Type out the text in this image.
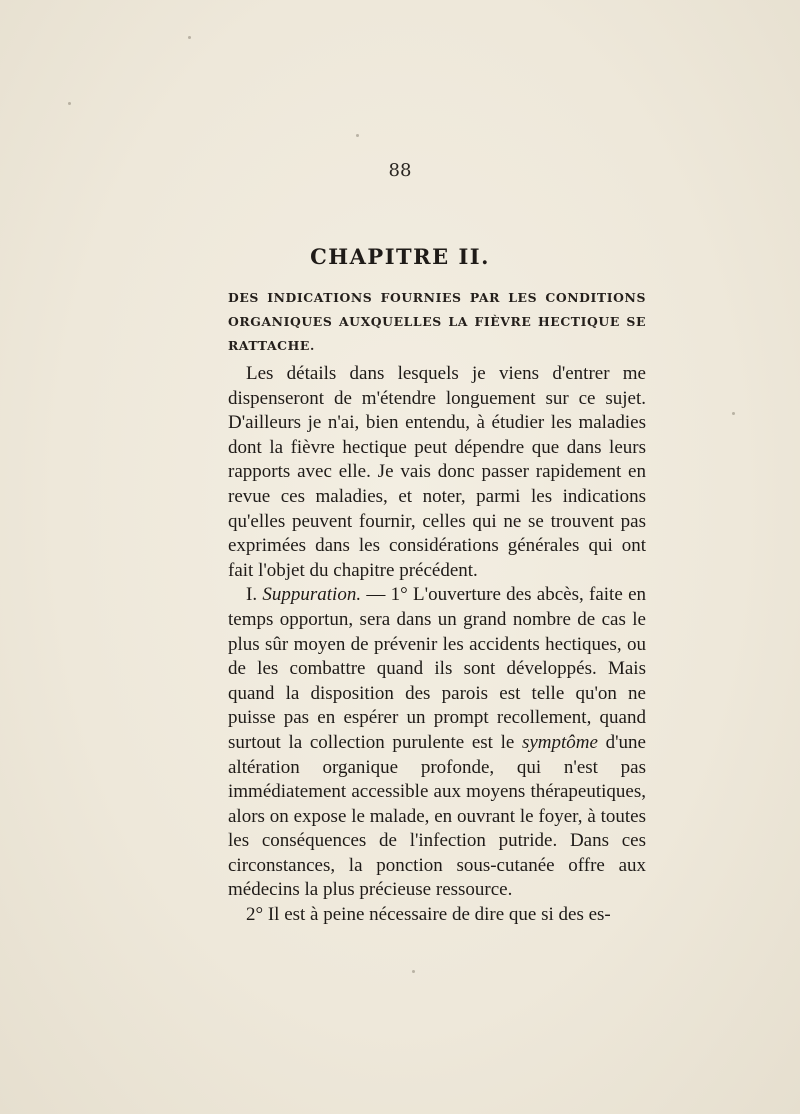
88
CHAPITRE II.
DES INDICATIONS FOURNIES PAR LES CONDITIONS ORGANIQUES AUXQUELLES LA FIÈVRE HECTIQUE SE RATTACHE.

Les détails dans lesquels je viens d'entrer me dispenseront de m'étendre longuement sur ce sujet. D'ailleurs je n'ai, bien entendu, à étudier les maladies dont la fièvre hectique peut dépendre que dans leurs rapports avec elle. Je vais donc passer rapidement en revue ces maladies, et noter, parmi les indications qu'elles peuvent fournir, celles qui ne se trouvent pas exprimées dans les considérations générales qui ont fait l'objet du chapitre précédent.

I. Suppuration. — 1° L'ouverture des abcès, faite en temps opportun, sera dans un grand nombre de cas le plus sûr moyen de prévenir les accidents hectiques, ou de les combattre quand ils sont développés. Mais quand la disposition des parois est telle qu'on ne puisse pas en espérer un prompt recollement, quand surtout la collection purulente est le symptôme d'une altération organique profonde, qui n'est pas immédiatement accessible aux moyens thérapeutiques, alors on expose le malade, en ouvrant le foyer, à toutes les conséquences de l'infection putride. Dans ces circonstances, la ponction sous-cutanée offre aux médecins la plus précieuse ressource.

2° Il est à peine nécessaire de dire que si des es-
